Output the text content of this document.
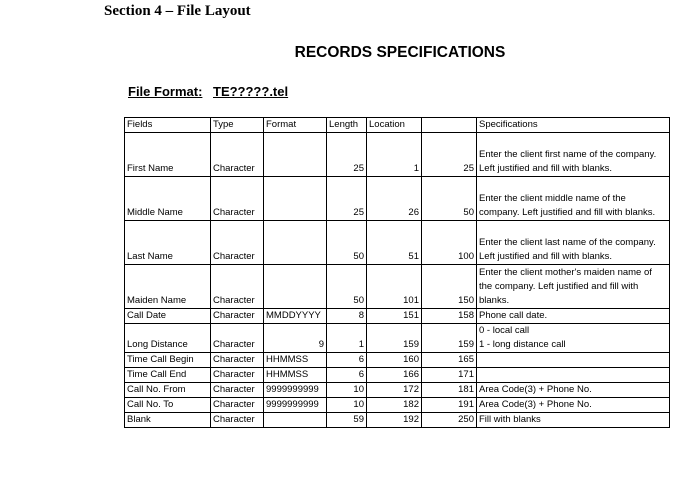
Section 4 – File Layout
RECORDS SPECIFICATIONS
File Format: TE?????.tel
Fields	Type	Format	Length	Location		Specifications
First Name	Character		25	1	25	Enter the client first name of the company. Left justified and fill with blanks.
Middle Name	Character		25	26	50	Enter the client middle name of the company. Left justified and fill with blanks.
Last Name	Character		50	51	100	Enter the client last name of the company. Left justified and fill with blanks.
Maiden Name	Character		50	101	150	Enter the client mother's maiden name of the company. Left justified and fill with blanks.
Call Date	Character	MMDDYYYY	8	151	158	Phone call date.
Long Distance	Character	9	1	159	159	0 - local call
1 - long distance call
Time Call Begin	Character	HHMMSS	6	160	165	
Time Call End	Character	HHMMSS	6	166	171	
Call No. From	Character	9999999999	10	172	181	Area Code(3) + Phone No.
Call No. To	Character	9999999999	10	182	191	Area Code(3) + Phone No.
Blank	Character		59	192	250	Fill with blanks
